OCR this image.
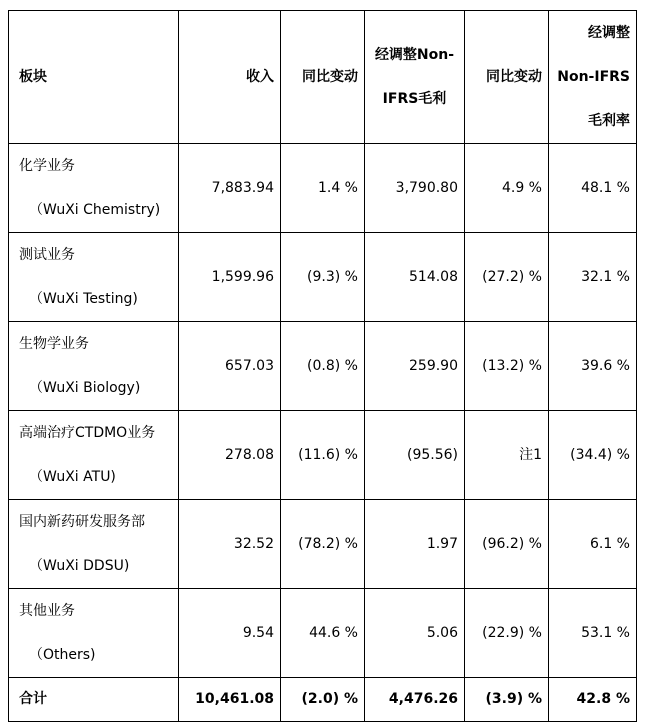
板块	收入	同比变动	经调整Non-
IFRS毛利	同比变动	经调整
Non-IFRS
毛利率

化学业务
（WuXi Chemistry)	7,883.94	1.4 %	3,790.80	4.9 %	48.1 %

测试业务
（WuXi Testing)	1,599.96	(9.3) %	514.08	(27.2) %	32.1 %

生物学业务
（WuXi Biology)	657.03	(0.8) %	259.90	(13.2) %	39.6 %

高端治疗CTDMO业务
（WuXi ATU)	278.08	(11.6) %	(95.56)	注1	(34.4) %

国内新药研发服务部
（WuXi DDSU)	32.52	(78.2) %	1.97	(96.2) %	6.1 %

其他业务
（Others)	9.54	44.6 %	5.06	(22.9) %	53.1 %
合计	10,461.08	(2.0) %	4,476.26	(3.9) %	42.8 %
